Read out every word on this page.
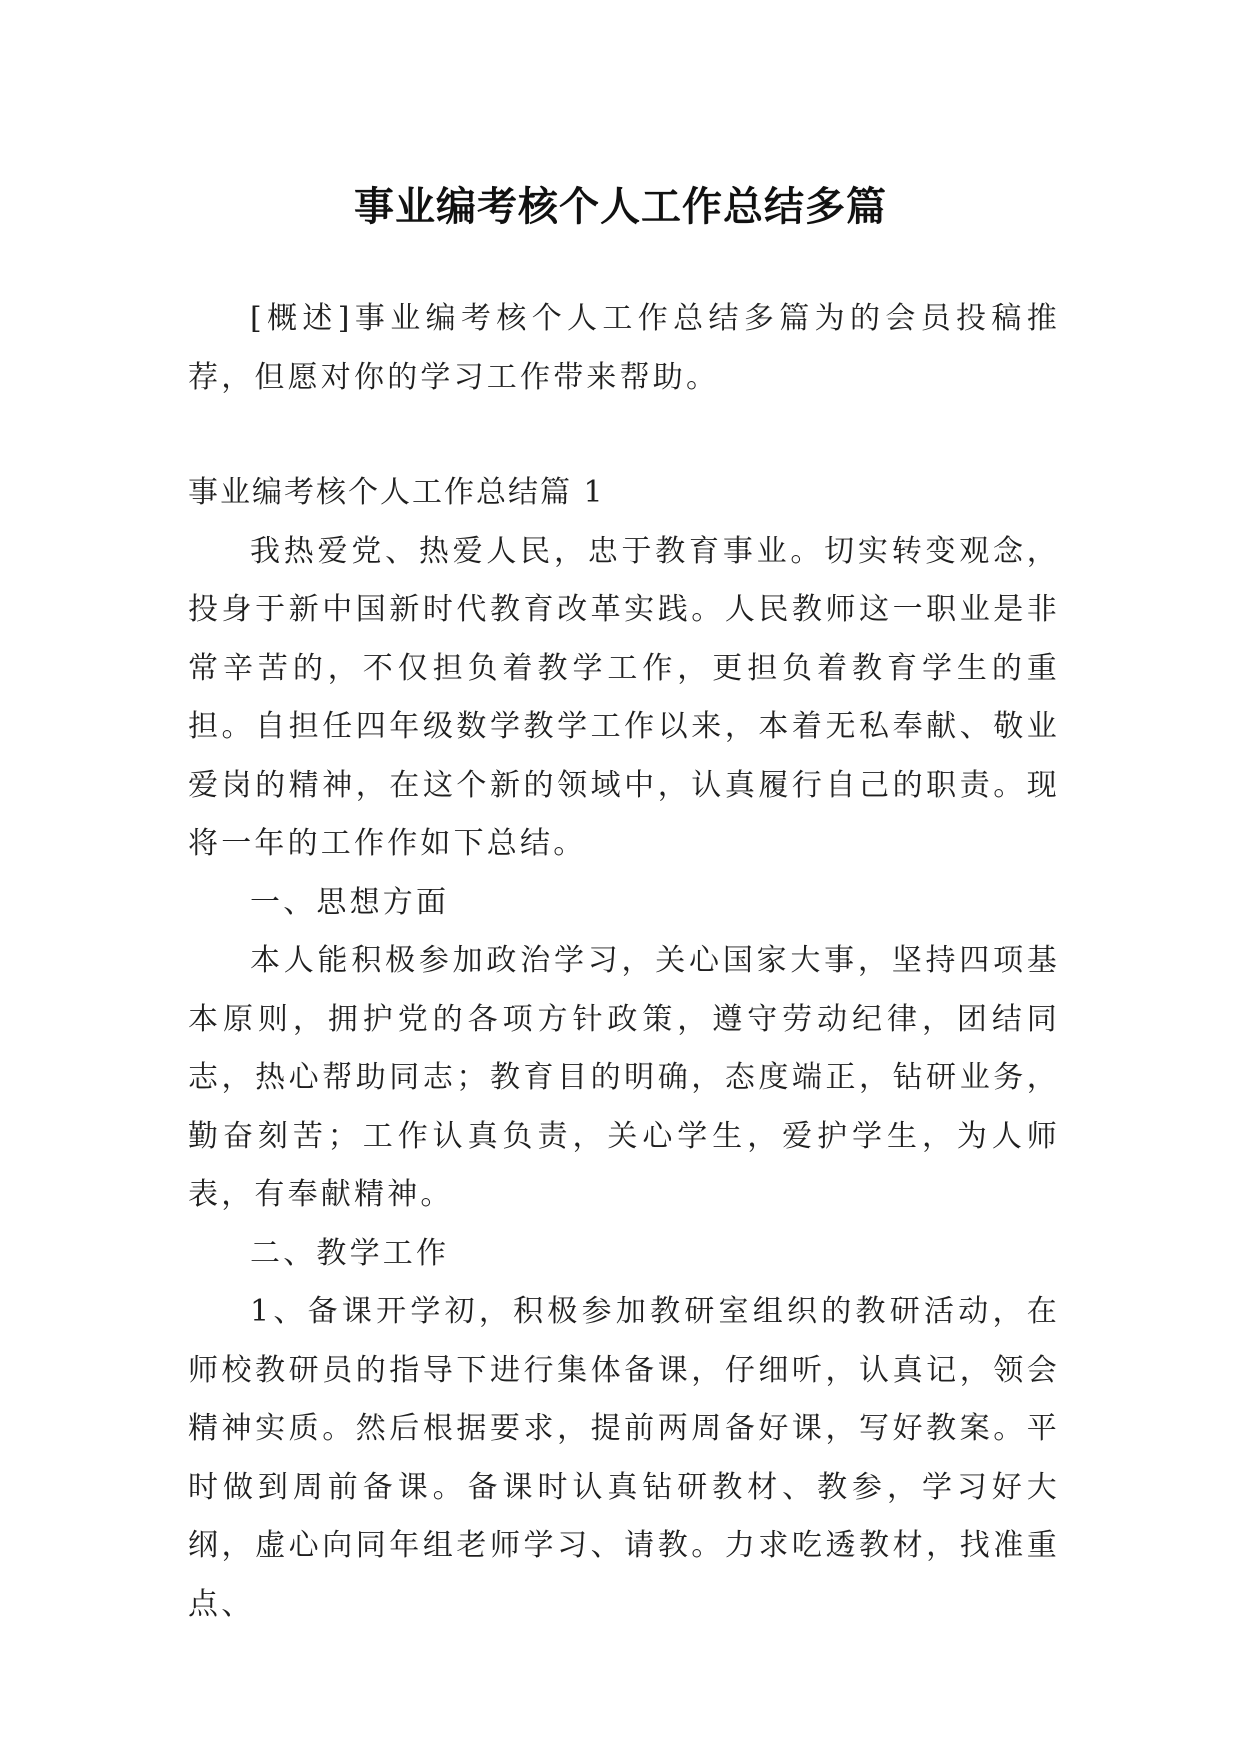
事业编考核个人工作总结多篇

[概述]事业编考核个人工作总结多篇为的会员投稿推荐，但愿对你的学习工作带来帮助。

事业编考核个人工作总结篇 1

我热爱党、热爱人民，忠于教育事业。切实转变观念，投身于新中国新时代教育改革实践。人民教师这一职业是非常辛苦的，不仅担负着教学工作，更担负着教育学生的重担。自担任四年级数学教学工作以来，本着无私奉献、敬业爱岗的精神，在这个新的领域中，认真履行自己的职责。现将一年的工作作如下总结。

一、思想方面

本人能积极参加政治学习，关心国家大事，坚持四项基本原则，拥护党的各项方针政策，遵守劳动纪律，团结同志，热心帮助同志；教育目的明确，态度端正，钻研业务，勤奋刻苦；工作认真负责，关心学生，爱护学生，为人师表，有奉献精神。

二、教学工作

1、备课开学初，积极参加教研室组织的教研活动，在师校教研员的指导下进行集体备课，仔细听，认真记，领会精神实质。然后根据要求，提前两周备好课，写好教案。平时做到周前备课。备课时认真钻研教材、教参，学习好大纲，虚心向同年组老师学习、请教。力求吃透教材，找准重点、
